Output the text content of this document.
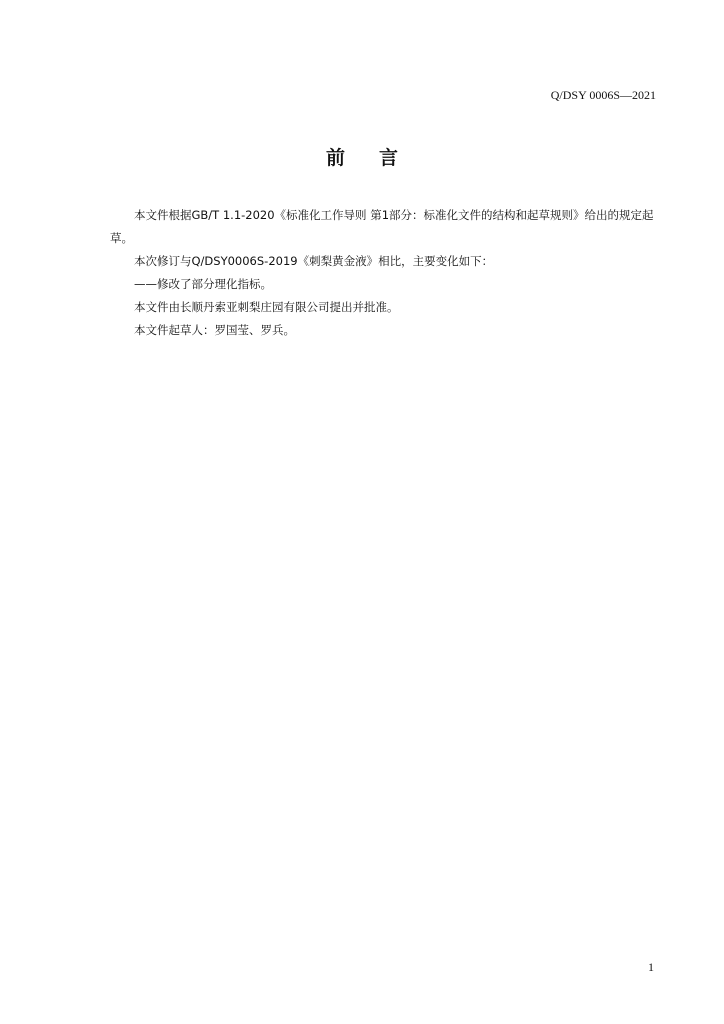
Q/DSY 0006S—2021
前 言

本文件根据GB/T 1.1-2020《标准化工作导则 第1部分：标准化文件的结构和起草规则》给出的规定起草。

本次修订与Q/DSY0006S-2019《刺梨黄金液》相比，主要变化如下：

——修改了部分理化指标。

本文件由长顺丹索亚刺梨庄园有限公司提出并批准。

本文件起草人：罗国莹、罗兵。

1
